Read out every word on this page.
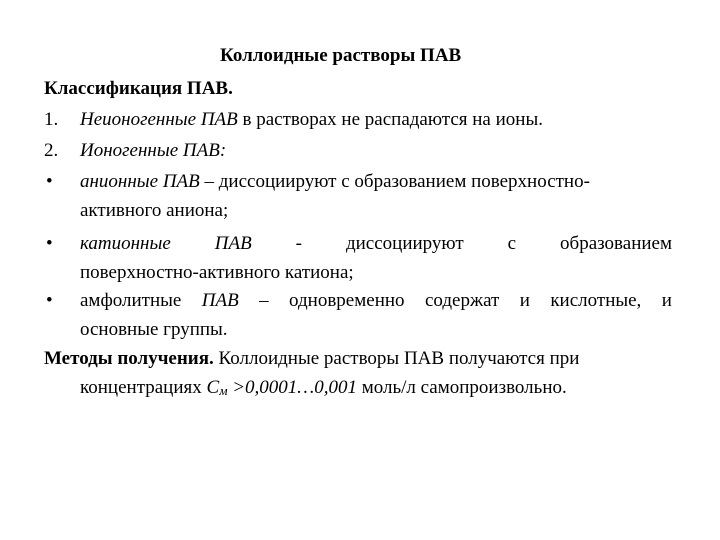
Коллоидные растворы ПАВ
Классификация ПАВ.
1. Неионогенные ПАВ в растворах не распадаются на ионы.
2. Ионогенные ПАВ:
• анионные ПАВ – диссоциируют с образованием поверхностно-
активного аниона;
• катионные ПАВ - диссоциируют с образованием
поверхностно-активного катиона;
• амфолитные ПАВ – одновременно содержат и кислотные, и
основные группы.
Методы получения. Коллоидные растворы ПАВ получаются при
концентрациях Cм >0,0001…0,001 моль/л самопроизвольно.
